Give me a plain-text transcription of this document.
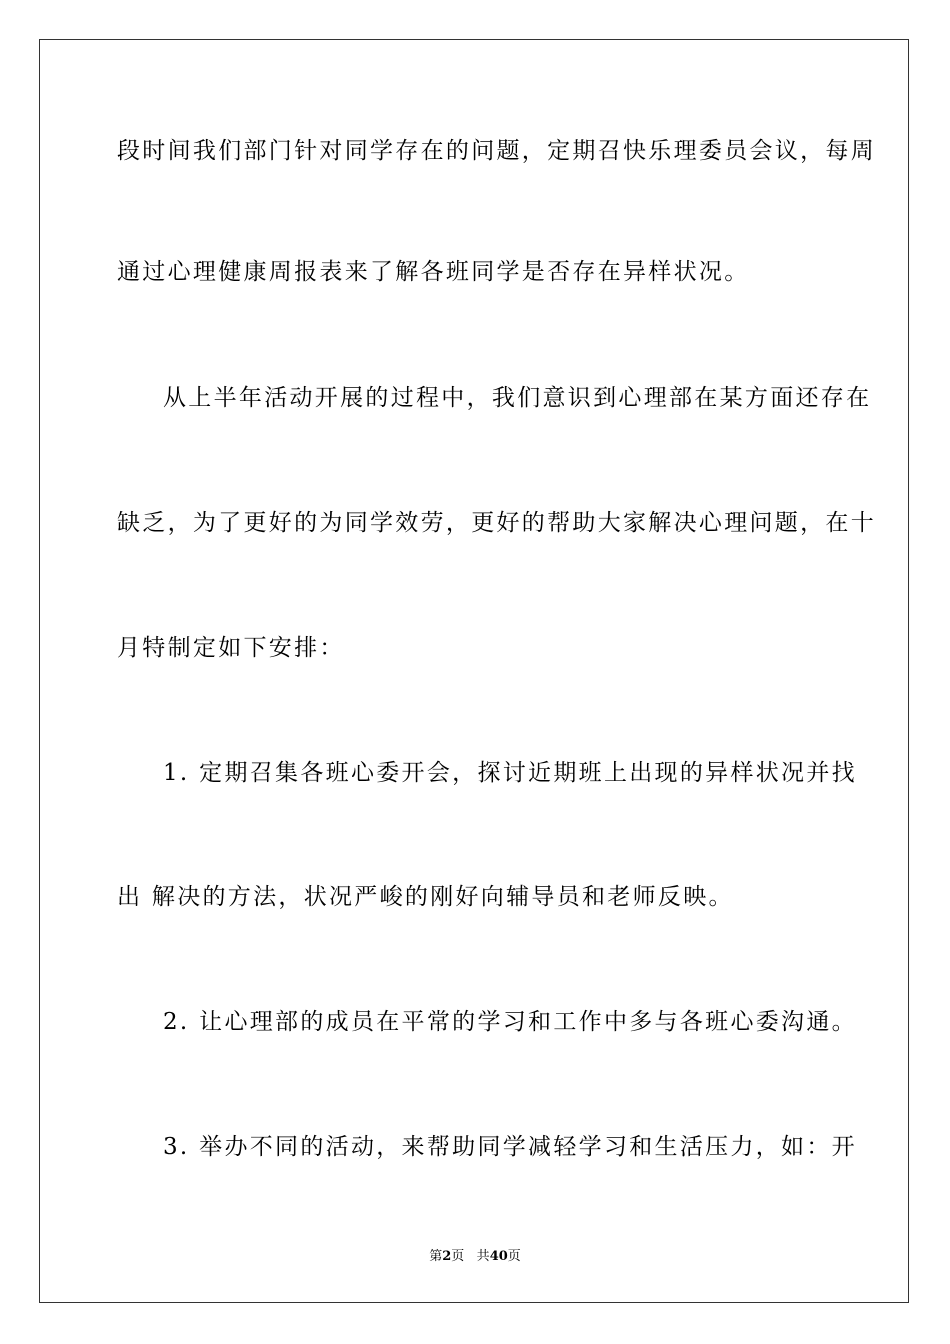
段时间我们部门针对同学存在的问题，定期召快乐理委员会议，每周
通过心理健康周报表来了解各班同学是否存在异样状况。
从上半年活动开展的过程中，我们意识到心理部在某方面还存在
缺乏，为了更好的为同学效劳，更好的帮助大家解决心理问题，在十
月特制定如下安排：
1. 定期召集各班心委开会，探讨近期班上出现的异样状况并找
出 解决的方法，状况严峻的刚好向辅导员和老师反映。
2. 让心理部的成员在平常的学习和工作中多与各班心委沟通。
3. 举办不同的活动，来帮助同学减轻学习和生活压力，如：开
第2页 共40页
